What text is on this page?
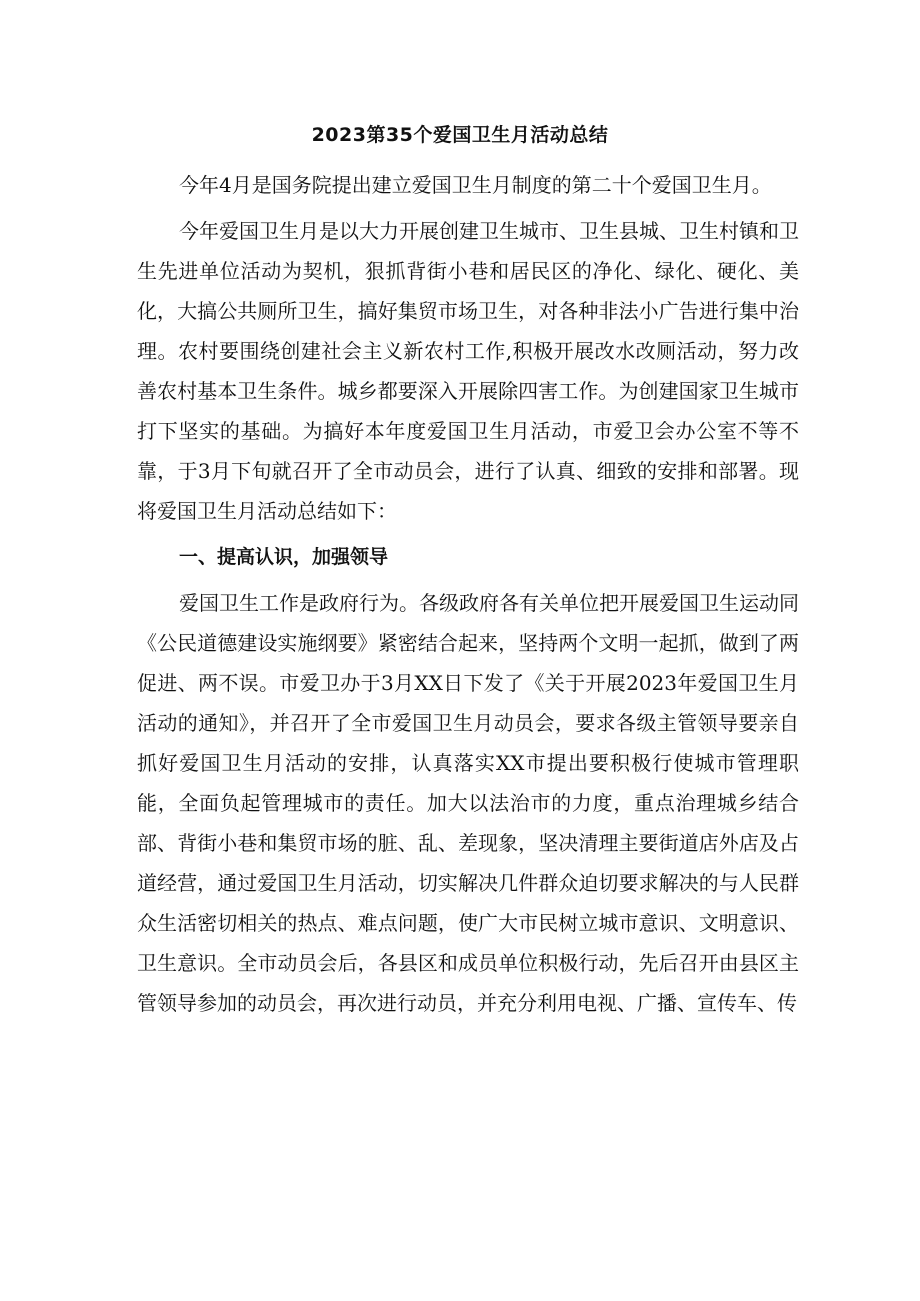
2023第35个爱国卫生月活动总结

今年4月是国务院提出建立爱国卫生月制度的第二十个爱国卫生月。

今年爱国卫生月是以大力开展创建卫生城市、卫生县城、卫生村镇和卫生先进单位活动为契机，狠抓背街小巷和居民区的净化、绿化、硬化、美化，大搞公共厕所卫生，搞好集贸市场卫生，对各种非法小广告进行集中治理。农村要围绕创建社会主义新农村工作,积极开展改水改厕活动，努力改善农村基本卫生条件。城乡都要深入开展除四害工作。为创建国家卫生城市打下坚实的基础。为搞好本年度爱国卫生月活动，市爱卫会办公室不等不靠，于3月下旬就召开了全市动员会，进行了认真、细致的安排和部署。现将爱国卫生月活动总结如下：

一、提高认识，加强领导

爱国卫生工作是政府行为。各级政府各有关单位把开展爱国卫生运动同《公民道德建设实施纲要》紧密结合起来，坚持两个文明一起抓，做到了两促进、两不误。市爱卫办于3月XX日下发了《关于开展2023年爱国卫生月活动的通知》，并召开了全市爱国卫生月动员会，要求各级主管领导要亲自抓好爱国卫生月活动的安排，认真落实XX市提出要积极行使城市管理职能，全面负起管理城市的责任。加大以法治市的力度，重点治理城乡结合部、背街小巷和集贸市场的脏、乱、差现象，坚决清理主要街道店外店及占道经营，通过爱国卫生月活动，切实解决几件群众迫切要求解决的与人民群众生活密切相关的热点、难点问题，使广大市民树立城市意识、文明意识、卫生意识。全市动员会后，各县区和成员单位积极行动，先后召开由县区主管领导参加的动员会，再次进行动员，并充分利用电视、广播、宣传车、传
